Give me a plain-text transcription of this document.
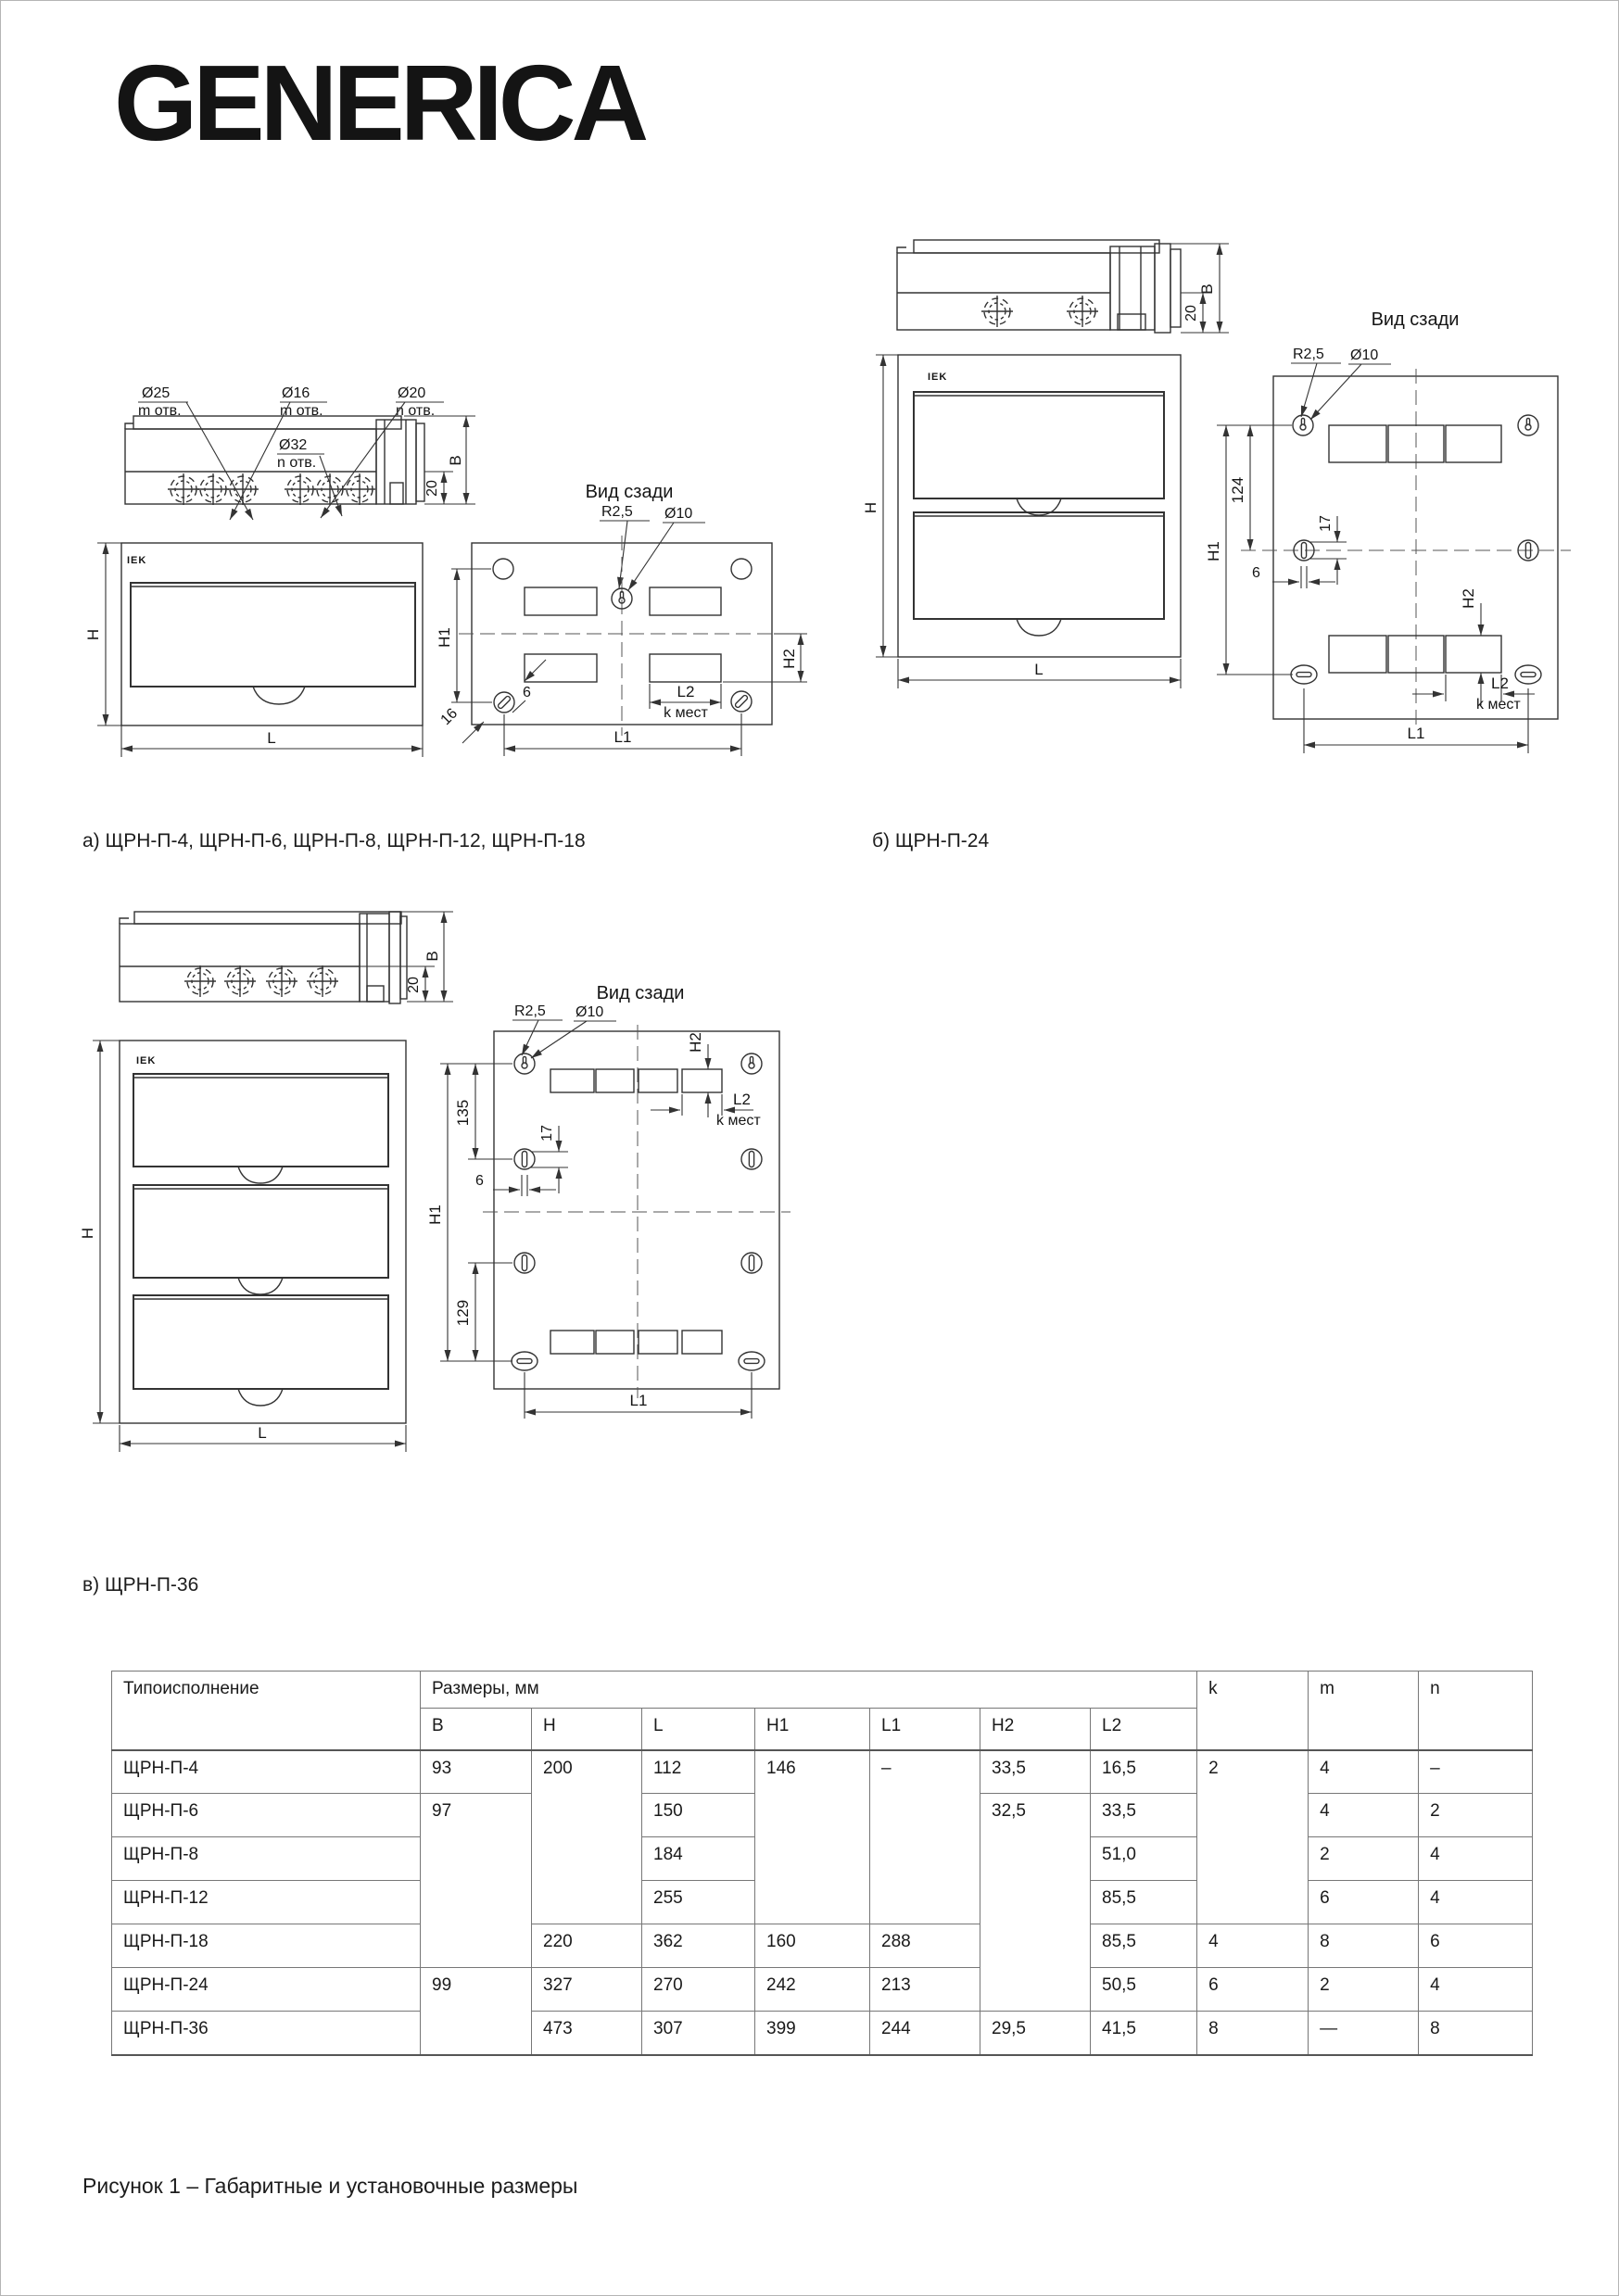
GENERICA
Ø25
m отв.
Ø16
m отв.
Ø20
n отв.
Ø32
n отв.	B
20
IEK
H
L
Вид сзади
R2,5 Ø10
H1
H2
L2
k мест
L1
16
6
B
20
IEK
H
L
Вид сзади
R2,5 Ø10
124
H1
17
6
H2
L2
k мест
L1
B
20
IEK
H
L
Вид сзади
R2,5 Ø10
135
129
H1
17
6
H2
L2
k мест
L1
а) ЩРН-П-4, ЩРН-П-6, ЩРН-П-8, ЩРН-П-12, ЩРН-П-18	б) ЩРН-П-24
в) ЩРН-П-36
Типоисполнение	Размеры, мм							k	m	n
	B	H	L	H1	L1	H2	L2			
ЩРН-П-4	93	200	112	146	–	33,5	16,5	2	4	–
ЩРН-П-6	97		150			32,5	33,5		4	2
ЩРН-П-8			184				51,0		2	4
ЩРН-П-12			255				85,5		6	4
ЩРН-П-18		220	362	160	288		85,5	4	8	6
ЩРН-П-24	99	327	270	242	213		50,5	6	2	4
ЩРН-П-36		473	307	399	244	29,5	41,5	8	—	8
Рисунок 1 – Габаритные и установочные размеры
